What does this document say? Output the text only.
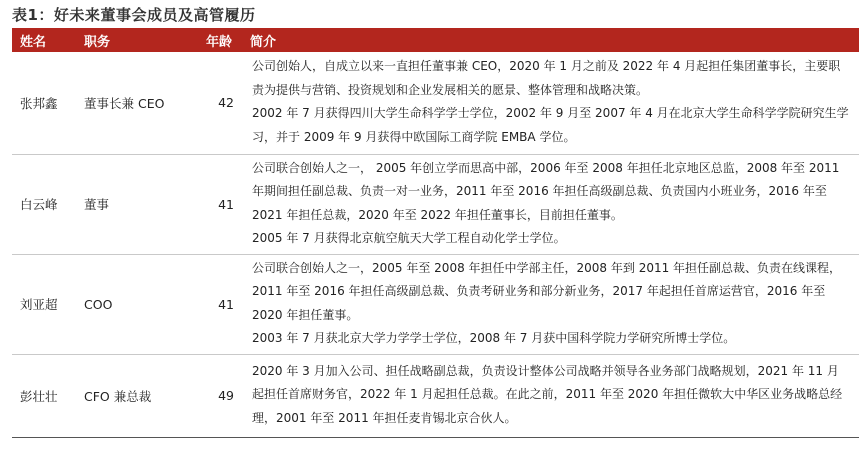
表1：好未来董事会成员及高管履历
姓名	职务	年龄	简介
张邦鑫	董事长兼 CEO	42	公司创始人，自成立以来一直担任董事兼 CEO，2020 年 1 月之前及 2022 年 4 月起担任集团董事长，主要职责为提供与营销、投资规划和企业发展相关的愿景、整体管理和战略决策。
2002 年 7 月获得四川大学生命科学学士学位，2002 年 9 月至 2007 年 4 月在北京大学生命科学学院研究生学习，并于 2009 年 9 月获得中欧国际工商学院 EMBA 学位。

白云峰	董事	41	公司联合创始人之一， 2005 年创立学而思高中部，2006 年至 2008 年担任北京地区总监，2008 年至 2011 年期间担任副总裁、负责一对一业务，2011 年至 2016 年担任高级副总裁、负责国内小班业务，2016 年至 2021 年担任总裁，2020 年至 2022 年担任董事长，目前担任董事。
2005 年 7 月获得北京航空航天大学工程自动化学士学位。

刘亚超	COO	41	公司联合创始人之一，2005 年至 2008 年担任中学部主任，2008 年到 2011 年担任副总裁、负责在线课程，2011 年至 2016 年担任高级副总裁、负责考研业务和部分新业务，2017 年起担任首席运营官，2016 年至 2020 年担任董事。
2003 年 7 月获北京大学力学学士学位，2008 年 7 月获中国科学院力学研究所博士学位。

彭壮壮	CFO 兼总裁	49	2020 年 3 月加入公司、担任战略副总裁，负责设计整体公司战略并领导各业务部门战略规划，2021 年 11 月起担任首席财务官，2022 年 1 月起担任总裁。在此之前，2011 年至 2020 年担任微软大中华区业务战略总经理，2001 年至 2011 年担任麦肯锡北京合伙人。
